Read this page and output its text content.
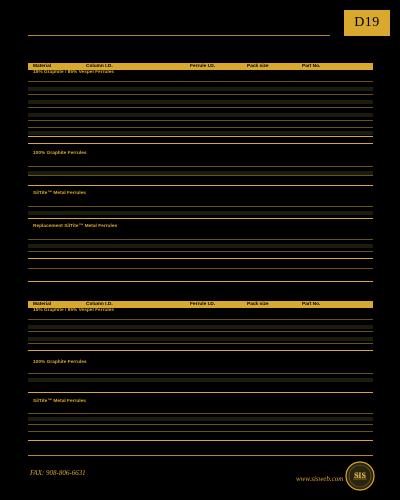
D19
Material	Column I.D.	Ferrule I.D.	Pack size	Part No.
15% Graphite / 85% Vespel Ferrules
100% Graphite Ferrules
SilTite™ Metal Ferrules
Replacement SilTite™ Metal Ferrules
Material	Column I.D.	Ferrule I.D.	Pack size	Part No.
15% Graphite / 85% Vespel Ferrules
100% Graphite Ferrules
SilTite™ Metal Ferrules
FAX: 908-806-6631
www.sisweb.com SIS
